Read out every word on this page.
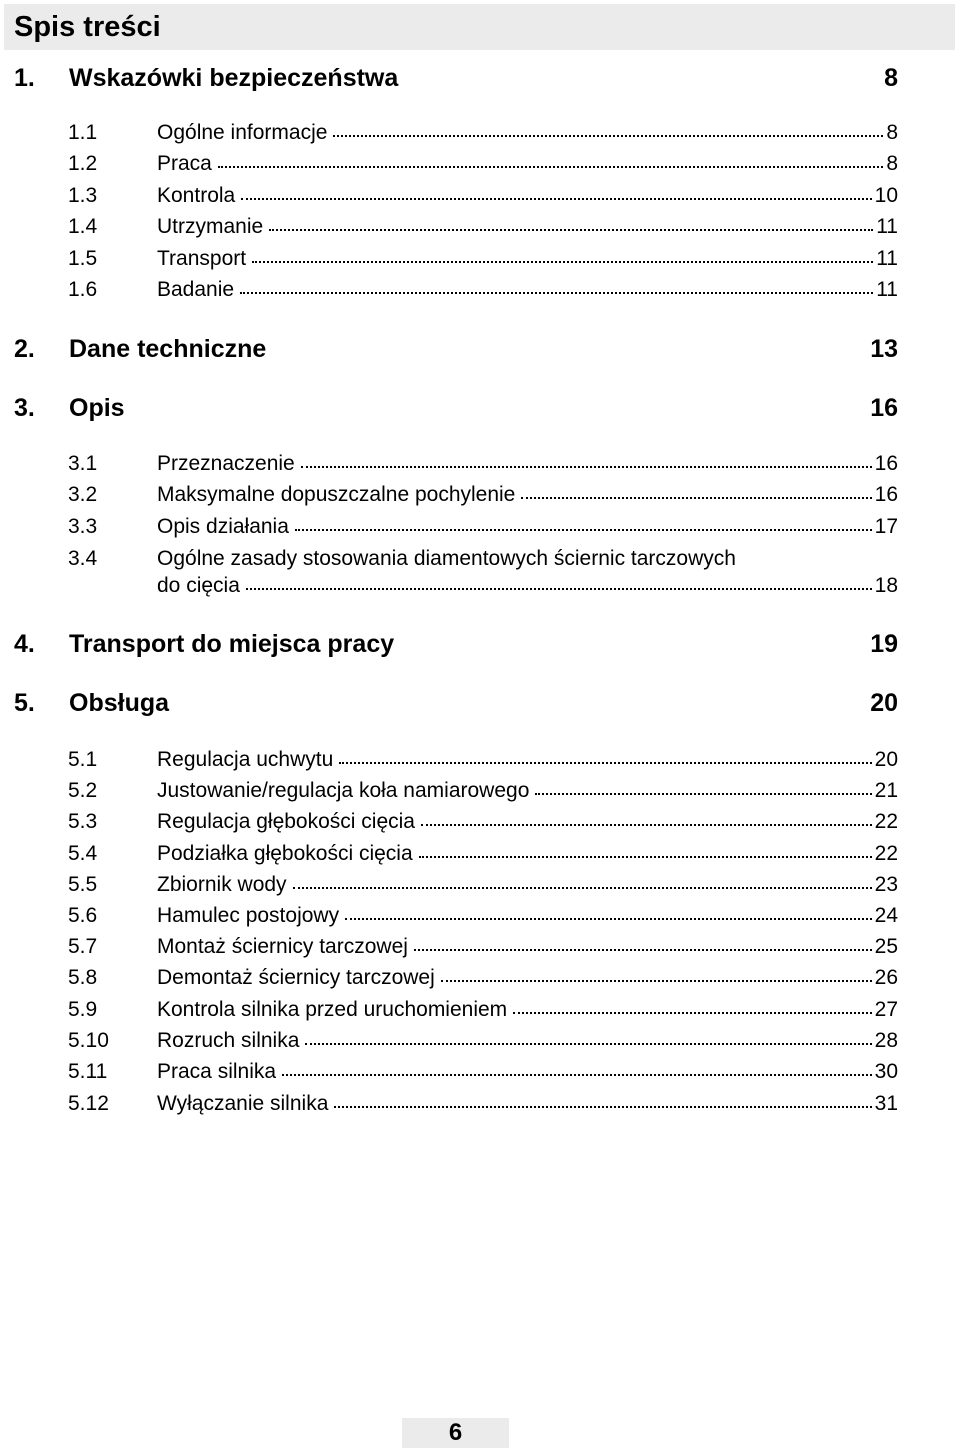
Spis treści
1. Wskazówki bezpieczeństwa	8
1.1	Ogólne informacje	8
1.2	Praca	8
1.3	Kontrola	10
1.4	Utrzymanie	11
1.5	Transport	11
1.6	Badanie	11
2. Dane techniczne	13
3. Opis	16
3.1	Przeznaczenie	16
3.2	Maksymalne dopuszczalne pochylenie	16
3.3	Opis działania	17
3.4	Ogólne zasady stosowania diamentowych ściernic tarczowych
do cięcia	18
4. Transport do miejsca pracy	19
5. Obsługa	20
5.1	Regulacja uchwytu	20
5.2	Justowanie/regulacja koła namiarowego	21
5.3	Regulacja głębokości cięcia	22
5.4	Podziałka głębokości cięcia	22
5.5	Zbiornik wody	23
5.6	Hamulec postojowy	24
5.7	Montaż ściernicy tarczowej	25
5.8	Demontaż ściernicy tarczowej	26
5.9	Kontrola silnika przed uruchomieniem	27
5.10 Rozruch silnika	28
5.11 Praca silnika	30
5.12 Wyłączanie silnika	31
6
